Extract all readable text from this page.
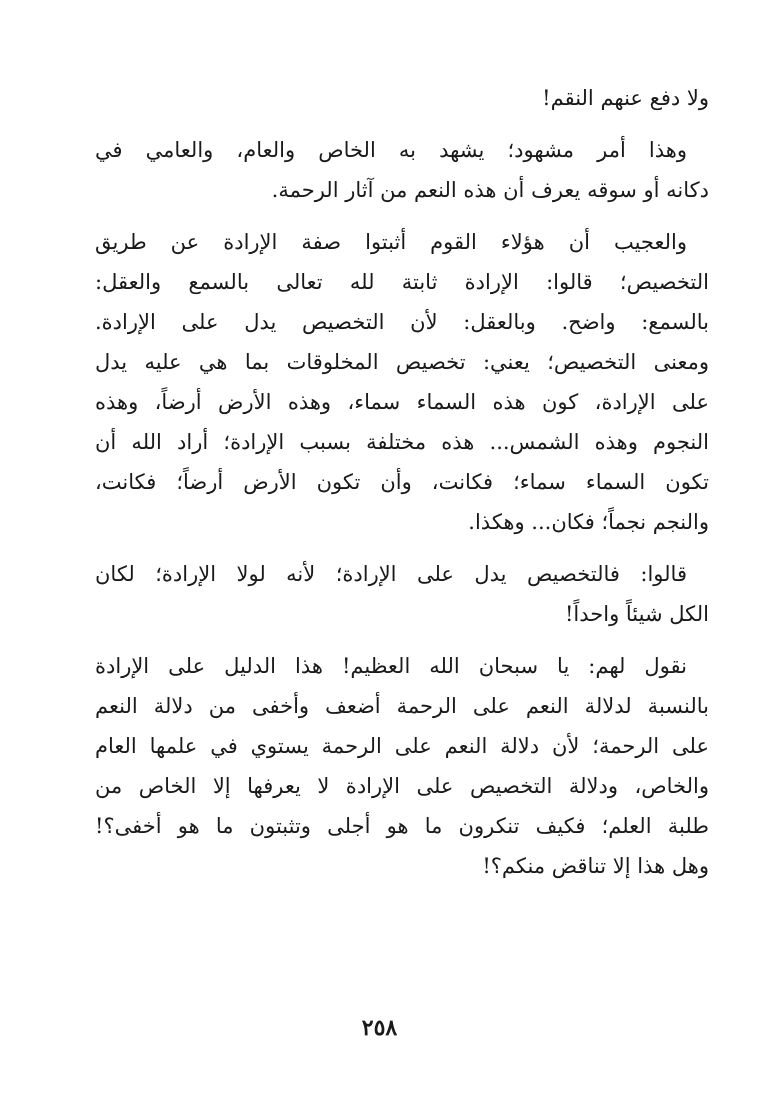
ولا دفع عنهم النقم!
وهذا أمر مشهود؛ يشهد به الخاص والعام، والعامي في
دكانه أو سوقه يعرف أن هذه النعم من آثار الرحمة.
والعجيب أن هؤلاء القوم أثبتوا صفة الإرادة عن طريق
التخصيص؛ قالوا: الإرادة ثابتة لله تعالى بالسمع والعقل:
بالسمع: واضح. وبالعقل: لأن التخصيص يدل على الإرادة.
ومعنى التخصيص؛ يعني: تخصيص المخلوقات بما هي عليه يدل
على الإرادة، كون هذه السماء سماء، وهذه الأرض أرضاً، وهذه
النجوم وهذه الشمس... هذه مختلفة بسبب الإرادة؛ أراد الله أن
تكون السماء سماء؛ فكانت، وأن تكون الأرض أرضاً؛ فكانت،
والنجم نجماً؛ فكان... وهكذا.
قالوا: فالتخصيص يدل على الإرادة؛ لأنه لولا الإرادة؛ لكان
الكل شيئاً واحداً!
نقول لهم: يا سبحان الله العظيم! هذا الدليل على الإرادة
بالنسبة لدلالة النعم على الرحمة أضعف وأخفى من دلالة النعم
على الرحمة؛ لأن دلالة النعم على الرحمة يستوي في علمها العام
والخاص، ودلالة التخصيص على الإرادة لا يعرفها إلا الخاص من
طلبة العلم؛ فكيف تنكرون ما هو أجلى وتثبتون ما هو أخفى؟!
وهل هذا إلا تناقض منكم؟!
٢٥٨
